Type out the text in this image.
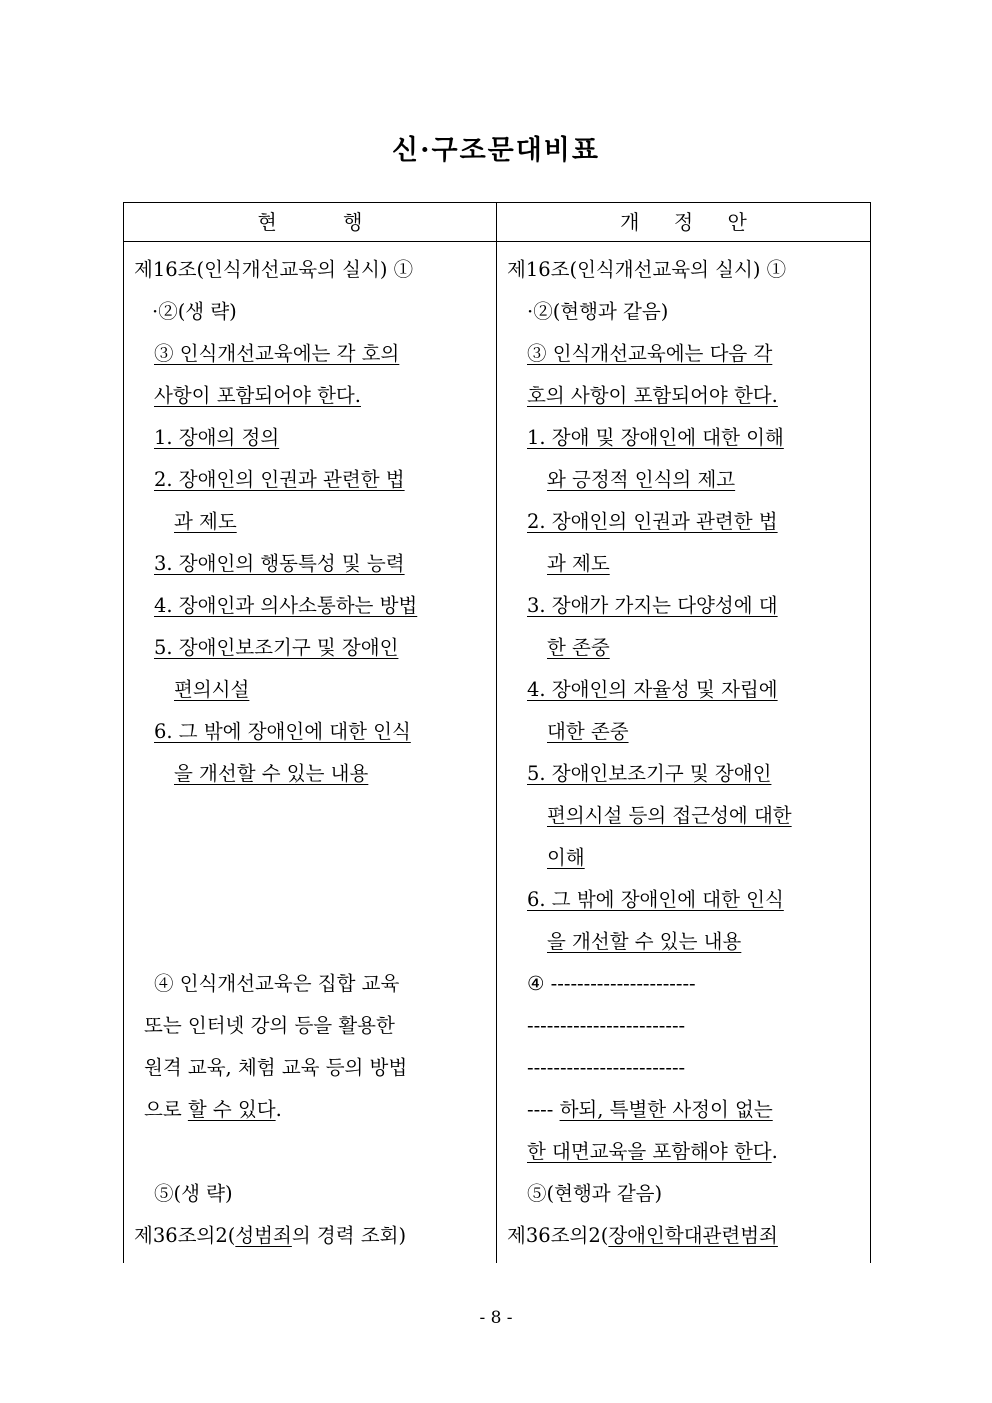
신·구조문대비표
현 행	개 정 안
제16조(인식개선교육의 실시) ①
·②(생 략)
③ 인식개선교육에는 각 호의
사항이 포함되어야 한다.
1. 장애의 정의
2. 장애인의 인권과 관련한 법
과 제도
3. 장애인의 행동특성 및 능력
4. 장애인과 의사소통하는 방법
5. 장애인보조기구 및 장애인
편의시설
6. 그 밖에 장애인에 대한 인식
을 개선할 수 있는 내용
④ 인식개선교육은 집합 교육
또는 인터넷 강의 등을 활용한
원격 교육, 체험 교육 등의 방법
으로 할 수 있다.
⑤(생 략)
제36조의2(성범죄의 경력 조회)
제16조(인식개선교육의 실시) ①
·②(현행과 같음)
③ 인식개선교육에는 다음 각
호의 사항이 포함되어야 한다.
1. 장애 및 장애인에 대한 이해
와 긍정적 인식의 제고
2. 장애인의 인권과 관련한 법
과 제도
3. 장애가 가지는 다양성에 대
한 존중
4. 장애인의 자율성 및 자립에
대한 존중
5. 장애인보조기구 및 장애인
편의시설 등의 접근성에 대한
이해
6. 그 밖에 장애인에 대한 인식
을 개선할 수 있는 내용
④ ----------------------
------------------------
------------------------
---- 하되, 특별한 사정이 없는
한 대면교육을 포함해야 한다.
⑤(현행과 같음)
제36조의2(장애인학대관련범죄
- 8 -
